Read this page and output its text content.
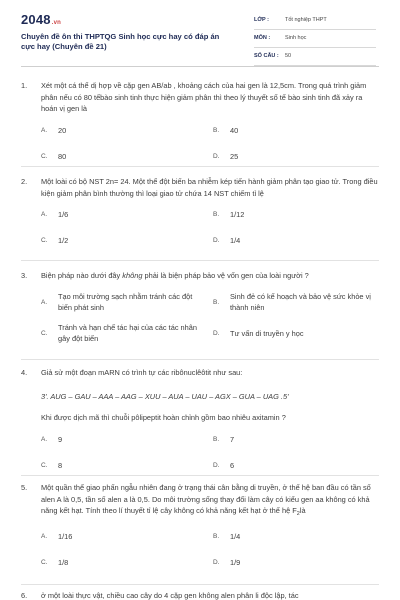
2048.vn
Chuyên đề ôn thi THPTQG Sinh học cực hay có đáp án cực hay (Chuyên đề 21)
LỚP :	Tốt nghiệp THPT
MÔN :	Sinh học
SỐ CÂU : 50
1. Xét một cá thể dị hợp về cặp gen AB/ab , khoảng cách của hai gen là 12,5cm. Trong quá trình giảm phân nếu có 80 tếbào sinh tinh thực hiện giảm phân thì theo lý thuyết số tế bào sinh tinh đã xảy ra hoán vị gen là
A. 20	B. 40
C. 80	D. 25
2. Một loài có bộ NST 2n= 24. Một thể đột biến ba nhiễm kép tiến hành giảm phân tạo giao tử. Trong điều kiện giảm phân bình thường thì loại giao tử chứa 14 NST chiếm tỉ lệ
A. 1/6	B. 1/12
C. 1/2	D. 1/4
3. Biện pháp nào dưới đây không phải là biện pháp bảo vệ vốn gen của loài người ?
A.
Tạo môi trường sạch nhằm tránh các đột biến phát sinh
B.
Sinh đẻ có kế hoạch và bảo vệ sức khỏe vị thành niên
C.
Tránh và hạn chế tác hại của các tác nhân gây đột biến
D. Tư vấn di truyền y học
4. Giả sử một đoạn mARN có trình tự các ribônuclêôtit như sau:
3'. AUG – GAU – AAA – AAG – XUU – AUA – UAU – AGX – GUA – UAG .5'
Khi được dịch mã thì chuỗi pôlipeptit hoàn chỉnh gồm bao nhiêu axitamin ?
A. 9	B. 7
C. 8	D. 6
5. Một quần thể giao phấn ngẫu nhiên đang ở trạng thái cân bằng di truyền, ở thế hệ ban đầu có tần số alen A là 0,5, tần số alen a là 0,5. Do môi trường sống thay đổi làm cây có kiểu gen aa không có khả năng kết hạt. Tính theo lí thuyết tỉ lệ cây không có khả năng kết hạt ở thế hệ $F_2là$
A. 1/16	B. 1/4
C. 1/8	D. 1/9
6. ở một loài thực vật, chiều cao cây do 4 cặp gen không alen phân li độc lập, tác
